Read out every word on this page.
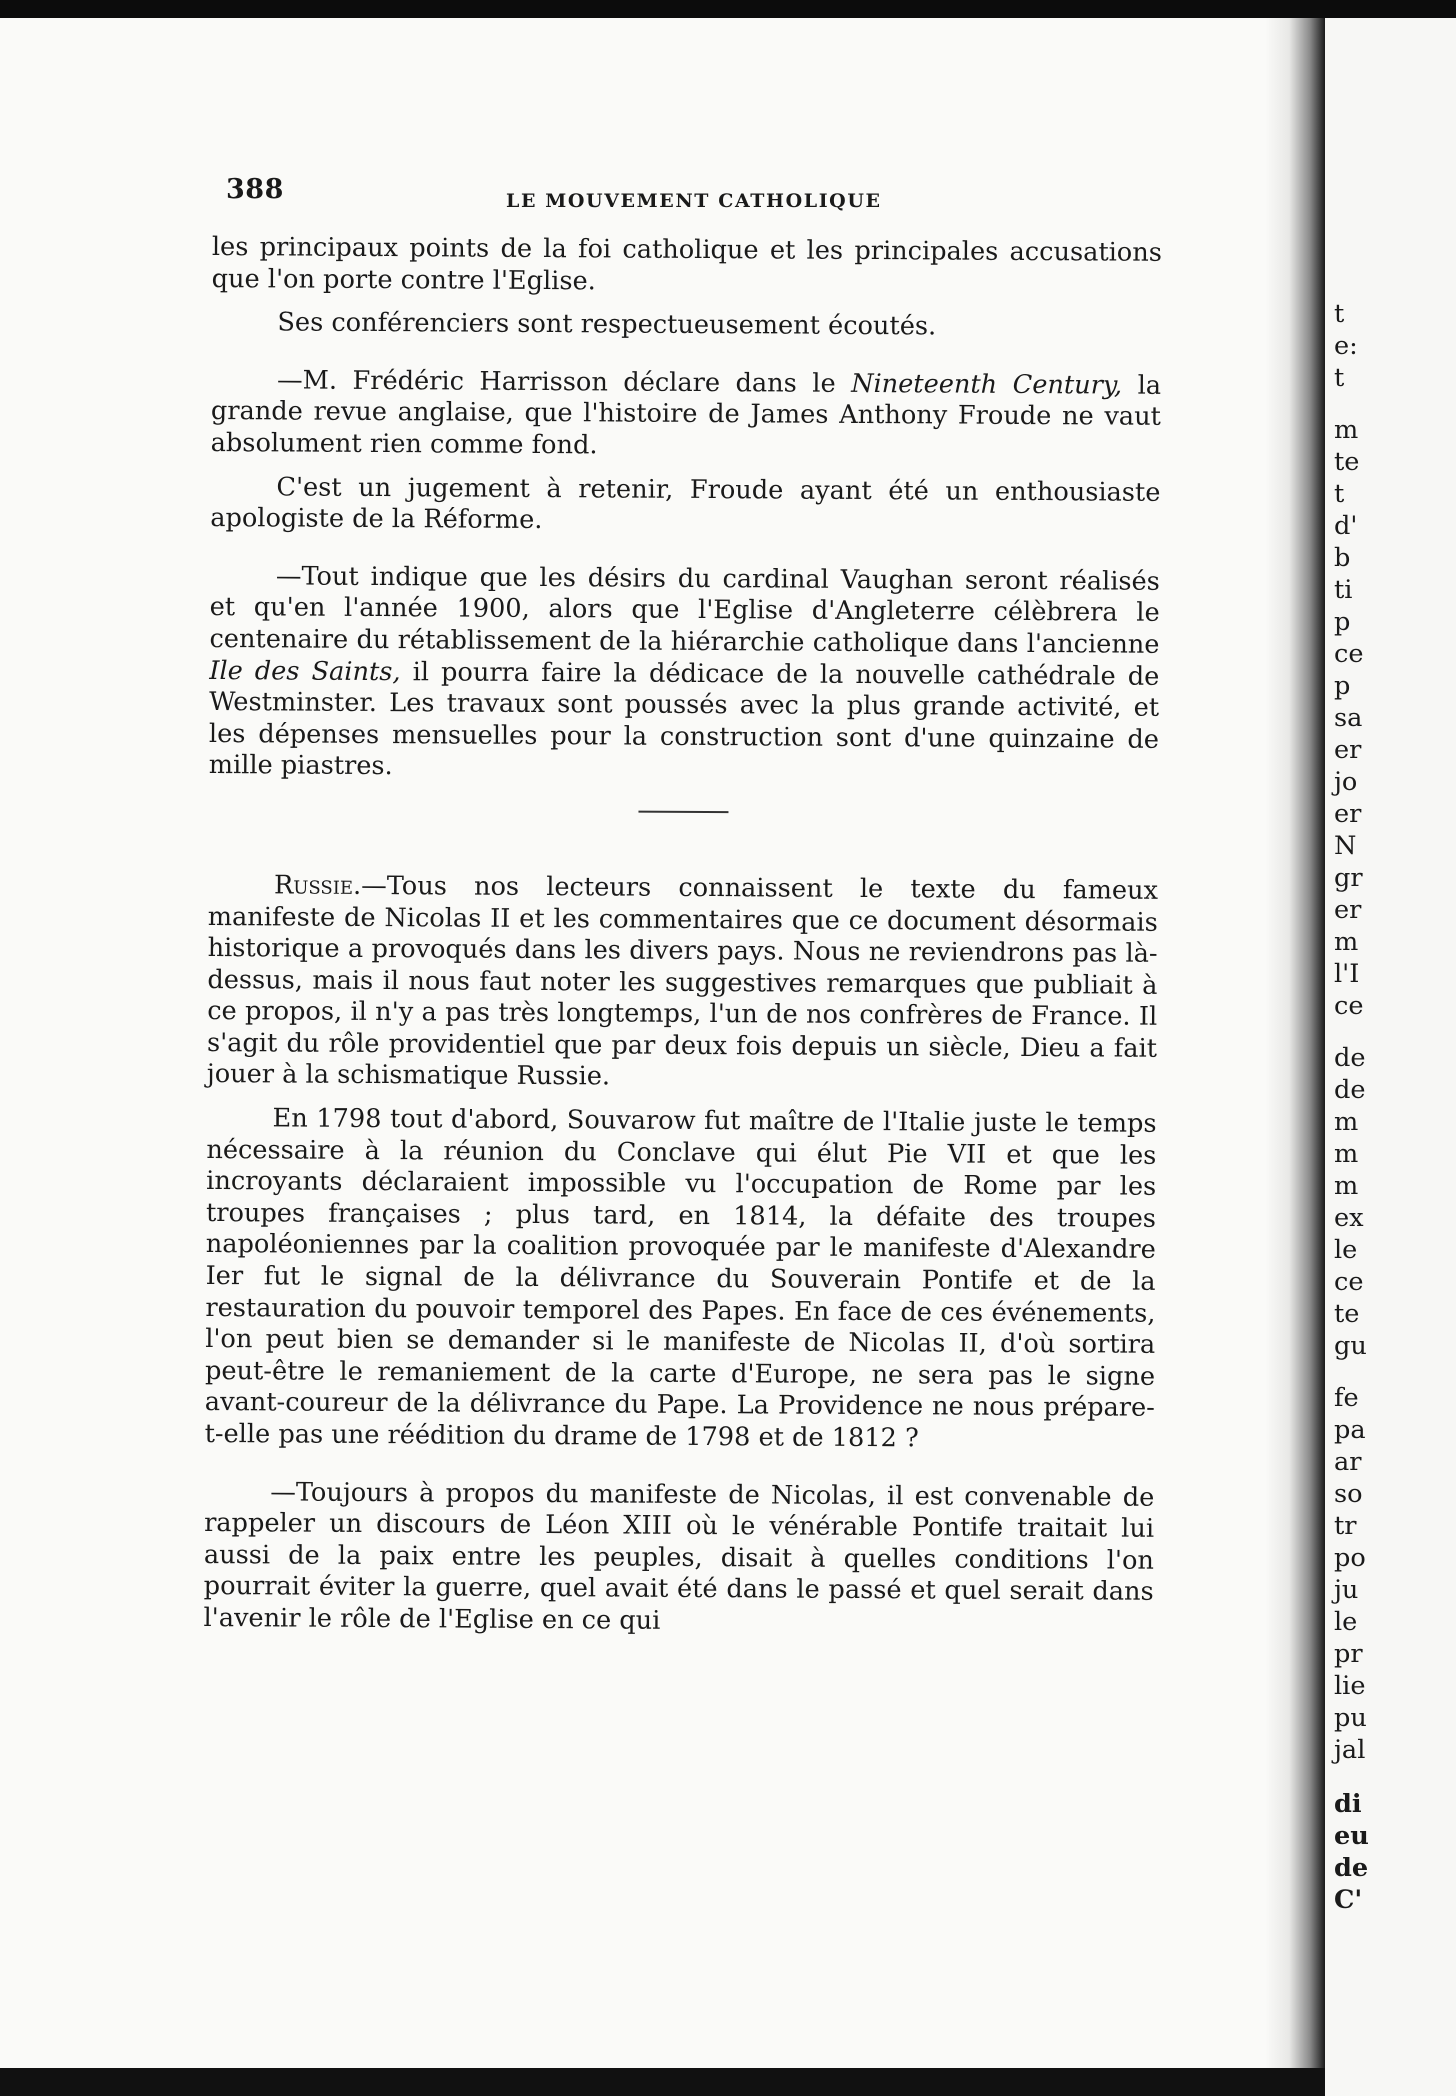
388	LE MOUVEMENT CATHOLIQUE

les principaux points de la foi catholique et les principales accusations que l'on porte contre l'Eglise.

Ses conférenciers sont respectueusement écoutés.

—M. Frédéric Harrisson déclare dans le Nineteenth Century, la grande revue anglaise, que l'histoire de James Anthony Froude ne vaut absolument rien comme fond.

C'est un jugement à retenir, Froude ayant été un enthousiaste apologiste de la Réforme.

—Tout indique que les désirs du cardinal Vaughan seront réalisés et qu'en l'année 1900, alors que l'Eglise d'Angleterre célèbrera le centenaire du rétablissement de la hiérarchie catholique dans l'ancienne Ile des Saints, il pourra faire la dédicace de la nouvelle cathédrale de Westminster. Les travaux sont poussés avec la plus grande activité, et les dépenses mensuelles pour la construction sont d'une quinzaine de mille piastres.

Russie.—Tous nos lecteurs connaissent le texte du fameux manifeste de Nicolas II et les commentaires que ce document désormais historique a provoqués dans les divers pays. Nous ne reviendrons pas là-dessus, mais il nous faut noter les suggestives remarques que publiait à ce propos, il n'y a pas très longtemps, l'un de nos confrères de France. Il s'agit du rôle providentiel que par deux fois depuis un siècle, Dieu a fait jouer à la schismatique Russie.

En 1798 tout d'abord, Souvarow fut maître de l'Italie juste le temps nécessaire à la réunion du Conclave qui élut Pie VII et que les incroyants déclaraient impossible vu l'occupation de Rome par les troupes françaises ; plus tard, en 1814, la défaite des troupes napoléoniennes par la coalition provoquée par le manifeste d'Alexandre Ier fut le signal de la délivrance du Souverain Pontife et de la restauration du pouvoir temporel des Papes. En face de ces événements, l'on peut bien se demander si le manifeste de Nicolas II, d'où sortira peut-être le remaniement de la carte d'Europe, ne sera pas le signe avant-coureur de la délivrance du Pape. La Providence ne nous prépare-t-elle pas une réédition du drame de 1798 et de 1812 ?

—Toujours à propos du manifeste de Nicolas, il est convenable de rappeler un discours de Léon XIII où le vénérable Pontife traitait lui aussi de la paix entre les peuples, disait à quelles conditions l'on pourrait éviter la guerre, quel avait été dans le passé et quel serait dans l'avenir le rôle de l'Eglise en ce qui

t
e:
t
m
te
t
d'
b
ti
p
ce
p
sa
er
jo
er
N
gr
er
m
l'I
ce
de
de
m
m
m
ex
le
ce
te
gu
fe
pa
ar
so
tr
po
ju
le
pr
lie
pu
jal
di
eu
de
C'
